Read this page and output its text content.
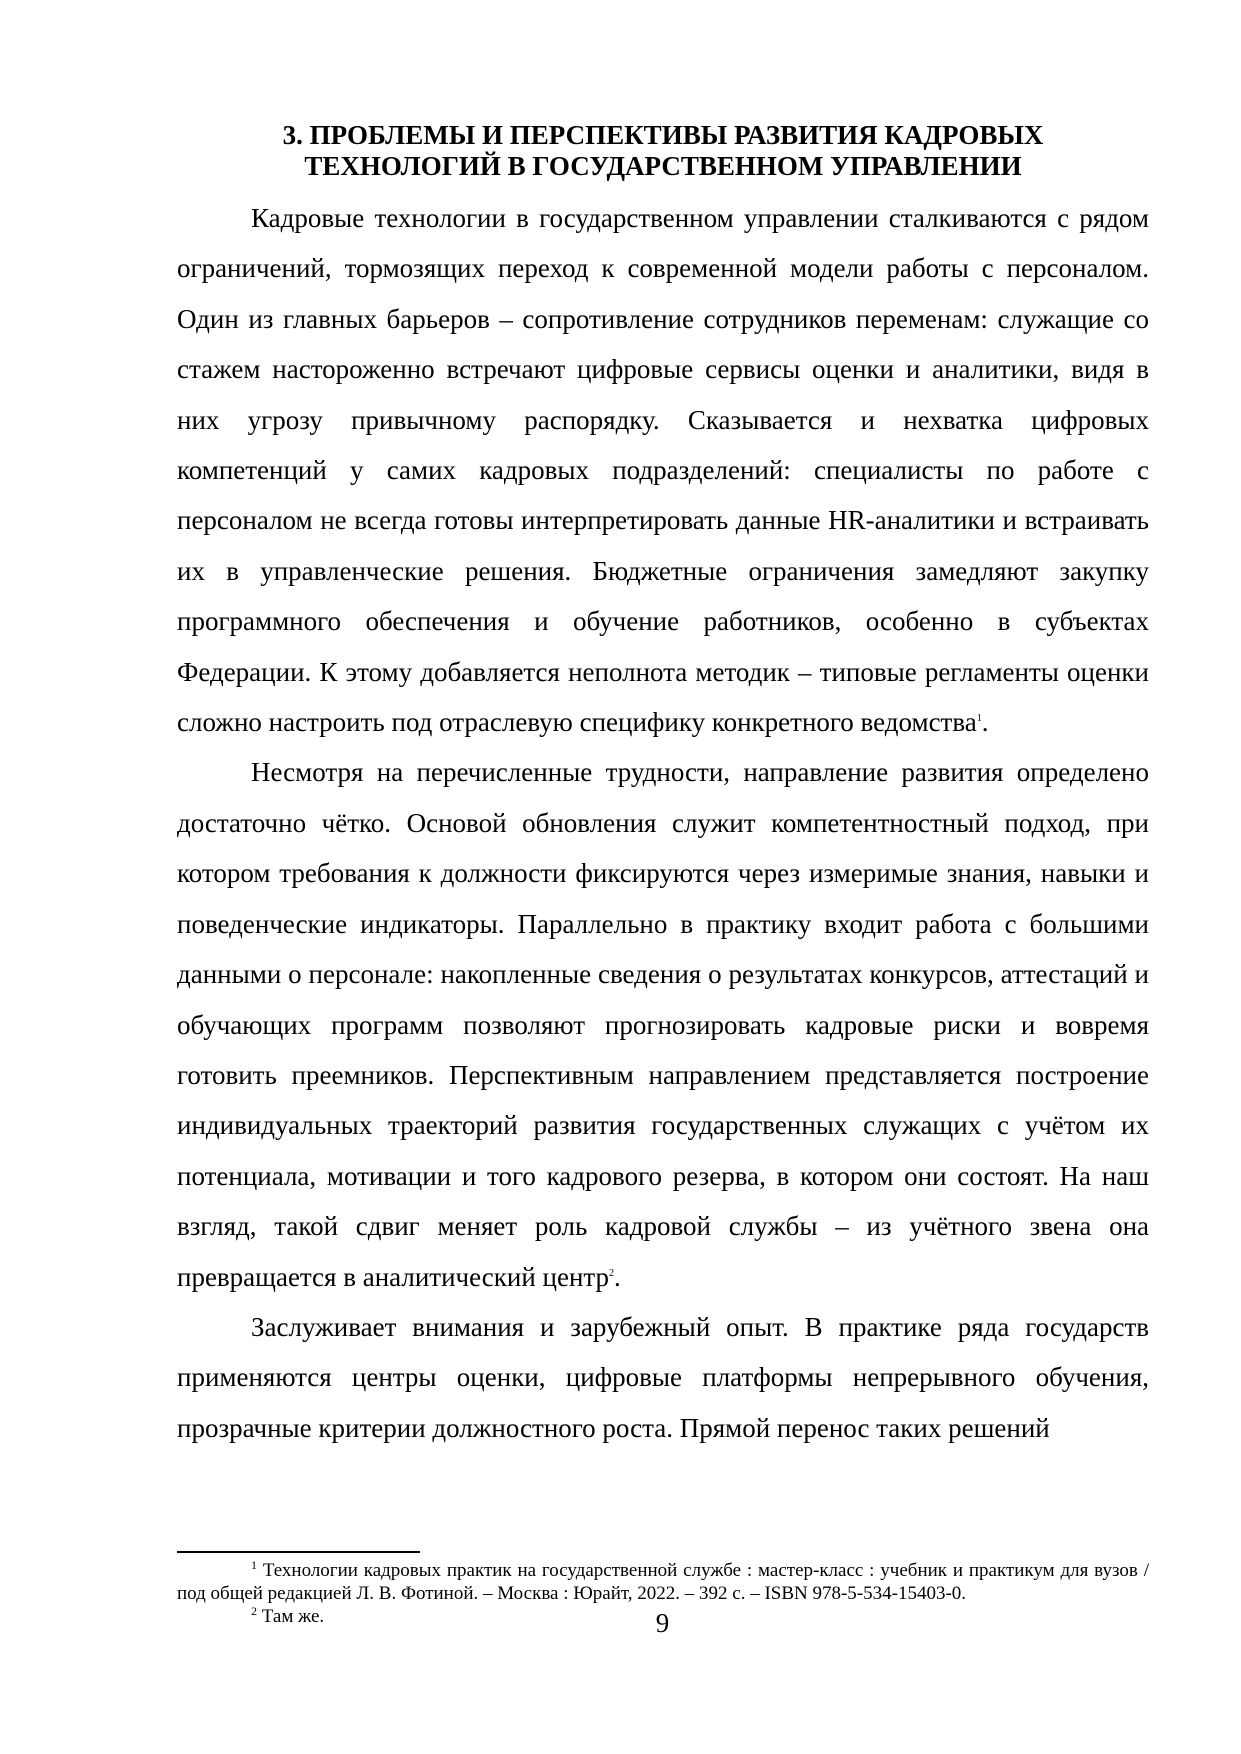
3. ПРОБЛЕМЫ И ПЕРСПЕКТИВЫ РАЗВИТИЯ КАДРОВЫХ
ТЕХНОЛОГИЙ В ГОСУДАРСТВЕННОМ УПРАВЛЕНИИ

Кадровые технологии в государственном управлении сталкиваются с рядом ограничений, тормозящих переход к современной модели работы с персоналом. Один из главных барьеров – сопротивление сотрудников переменам: служащие со стажем настороженно встречают цифровые сервисы оценки и аналитики, видя в них угрозу привычному распорядку. Сказывается и нехватка цифровых компетенций у самих кадровых подразделений: специалисты по работе с персоналом не всегда готовы интерпретировать данные HR-аналитики и встраивать их в управленческие решения. Бюджетные ограничения замедляют закупку программного обеспечения и обучение работников, особенно в субъектах Федерации. К этому добавляется неполнота методик – типовые регламенты оценки сложно настроить под отраслевую специфику конкретного ведомства$^1$.

Несмотря на перечисленные трудности, направление развития определено достаточно чётко. Основой обновления служит компетентностный подход, при котором требования к должности фиксируются через измеримые знания, навыки и поведенческие индикаторы. Параллельно в практику входит работа с большими данными о персонале: накопленные сведения о результатах конкурсов, аттестаций и обучающих программ позволяют прогнозировать кадровые риски и вовремя готовить преемников. Перспективным направлением представляется построение индивидуальных траекторий развития государственных служащих с учётом их потенциала, мотивации и того кадрового резерва, в котором они состоят. На наш взгляд, такой сдвиг меняет роль кадровой службы – из учётного звена она превращается в аналитический центр$^2$.

Заслуживает внимания и зарубежный опыт. В практике ряда государств применяются центры оценки, цифровые платформы непрерывного обучения, прозрачные критерии должностного роста. Прямой перенос таких решений

$^1$ Технологии кадровых практик на государственной службе : мастер-класс : учебник и практикум для вузов / под общей редакцией Л. В. Фотиной. – Москва : Юрайт, 2022. – 392 с. – ISBN 978-5-534-15403-0.

$^2$ Там же.	9
